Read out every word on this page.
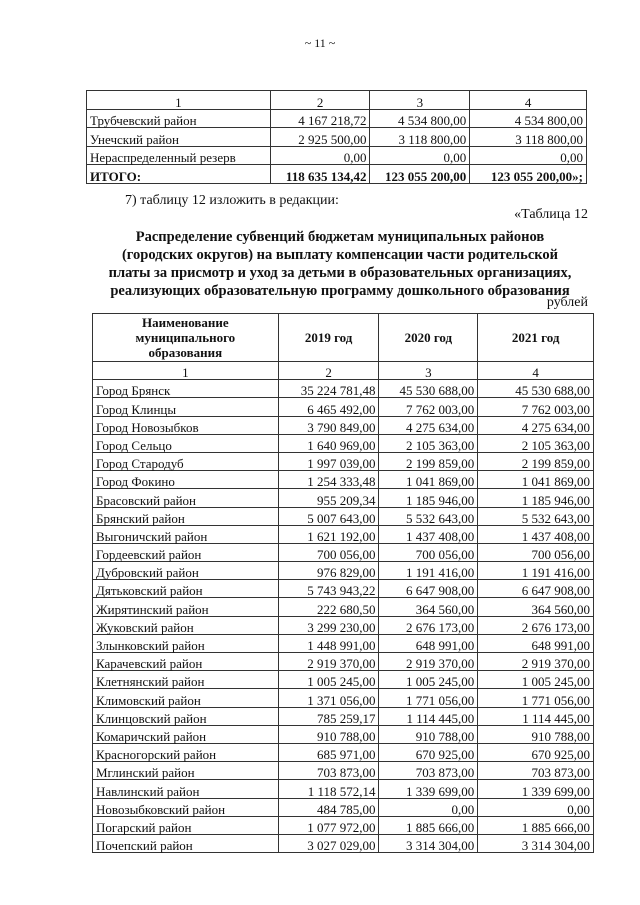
~ 11 ~
1	2	3	4
Трубчевский район	4 167 218,72	4 534 800,00	4 534 800,00
Унечский район	2 925 500,00	3 118 800,00	3 118 800,00
Нераспределенный резерв	0,00	0,00	0,00
ИТОГО:	118 635 134,42	123 055 200,00	123 055 200,00»;
7) таблицу 12 изложить в редакции:
«Таблица 12
Распределение субвенций бюджетам муниципальных районов
(городских округов) на выплату компенсации части родительской
платы за присмотр и уход за детьми в образовательных организациях,
реализующих образовательную программу дошкольного образования
рублей
Наименование
муниципального
образования	2019 год	2020 год	2021 год
1	2	3	4
Город Брянск	35 224 781,48	45 530 688,00	45 530 688,00
Город Клинцы	6 465 492,00	7 762 003,00	7 762 003,00
Город Новозыбков	3 790 849,00	4 275 634,00	4 275 634,00
Город Сельцо	1 640 969,00	2 105 363,00	2 105 363,00
Город Стародуб	1 997 039,00	2 199 859,00	2 199 859,00
Город Фокино	1 254 333,48	1 041 869,00	1 041 869,00
Брасовский район	955 209,34	1 185 946,00	1 185 946,00
Брянский район	5 007 643,00	5 532 643,00	5 532 643,00
Выгоничский район	1 621 192,00	1 437 408,00	1 437 408,00
Гордеевский район	700 056,00	700 056,00	700 056,00
Дубровский район	976 829,00	1 191 416,00	1 191 416,00
Дятьковский район	5 743 943,22	6 647 908,00	6 647 908,00
Жирятинский район	222 680,50	364 560,00	364 560,00
Жуковский район	3 299 230,00	2 676 173,00	2 676 173,00
Злынковский район	1 448 991,00	648 991,00	648 991,00
Карачевский район	2 919 370,00	2 919 370,00	2 919 370,00
Клетнянский район	1 005 245,00	1 005 245,00	1 005 245,00
Климовский район	1 371 056,00	1 771 056,00	1 771 056,00
Клинцовский район	785 259,17	1 114 445,00	1 114 445,00
Комаричский район	910 788,00	910 788,00	910 788,00
Красногорский район	685 971,00	670 925,00	670 925,00
Мглинский район	703 873,00	703 873,00	703 873,00
Навлинский район	1 118 572,14	1 339 699,00	1 339 699,00
Новозыбковский район	484 785,00	0,00	0,00
Погарский район	1 077 972,00	1 885 666,00	1 885 666,00
Почепский район	3 027 029,00	3 314 304,00	3 314 304,00
